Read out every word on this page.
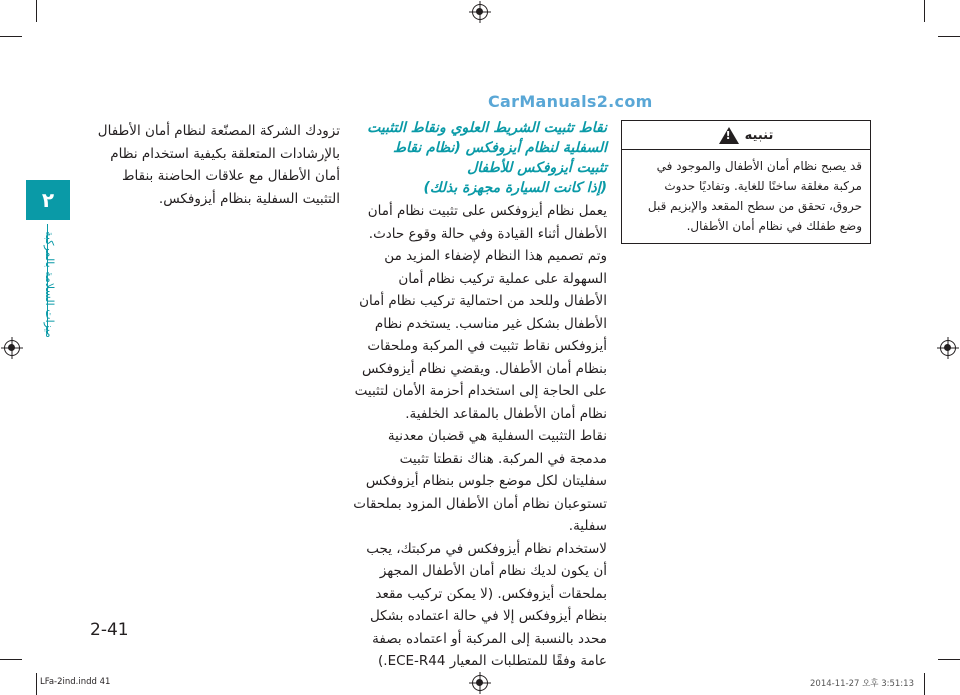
CarManuals2.com
٢
ميزات السلامة بالمركبة

تزودك الشركة المصنّعة لنظام أمان الأطفال بالإرشادات المتعلقة بكيفية استخدام نظام أمان الأطفال مع علاقات الحاضنة بنقاط التثبيت السفلية بنظام أيزوفكس.

نقاط تثبيت الشريط العلوي ونقاط التثبيت
السفلية لنظام أيزوفكس (نظام نقاط
تثبيت أيزوفكس للأطفال
(إذا كانت السيارة مجهزة بذلك)

يعمل نظام أيزوفكس على تثبيت نظام أمان الأطفال أثناء القيادة وفي حالة وقوع حادث. وتم تصميم هذا النظام لإضفاء المزيد من السهولة على عملية تركيب نظام أمان الأطفال وللحد من احتمالية تركيب نظام أمان الأطفال بشكل غير مناسب. يستخدم نظام أيزوفكس نقاط تثبيت في المركبة وملحقات بنظام أمان الأطفال. ويقضي نظام أيزوفكس على الحاجة إلى استخدام أحزمة الأمان لتثبيت نظام أمان الأطفال بالمقاعد الخلفية.

نقاط التثبيت السفلية هي قضبان معدنية مدمجة في المركبة. هناك نقطتا تثبيت سفليتان لكل موضع جلوس بنظام أيزوفكس تستوعبان نظام أمان الأطفال المزود بملحقات سفلية.

لاستخدام نظام أيزوفكس في مركبتك، يجب أن يكون لديك نظام أمان الأطفال المجهز بملحقات أيزوفكس. (لا يمكن تركيب مقعد بنظام أيزوفكس إلا في حالة اعتماده بشكل محدد بالنسبة إلى المركبة أو اعتماده بصفة عامة وفقًا للمتطلبات المعيار ECE-R44.)

تنبيه
!
قد يصبح نظام أمان الأطفال والموجود في مركبة مغلقة ساخنًا للغاية. وتفاديًا حدوث حروق، تحقق من سطح المقعد والإبزيم قبل وضع طفلك في نظام أمان الأطفال.
2-41
LFa-2ind.indd 41	2014-11-27 오후 3:51:13
